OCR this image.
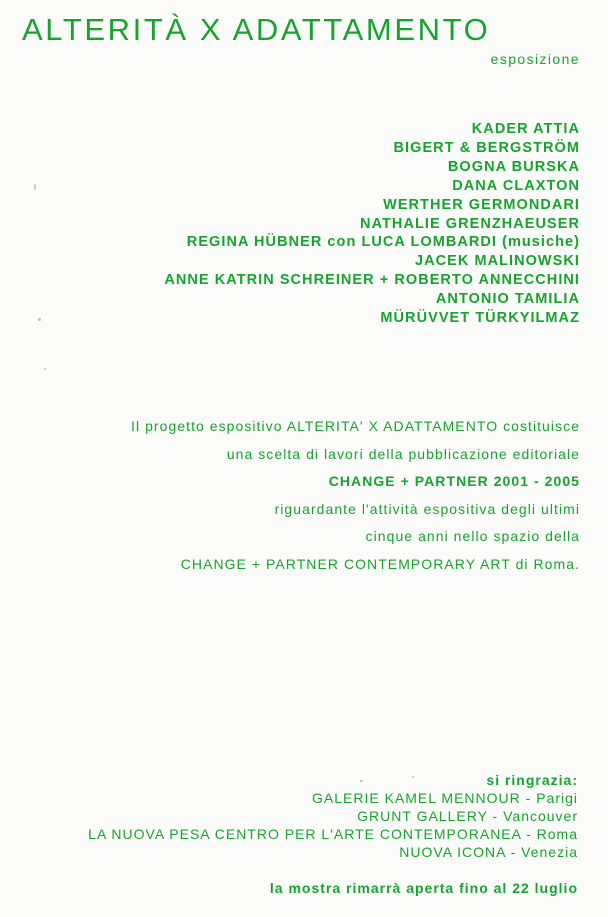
ALTERITÀ X ADATTAMENTO
esposizione
KADER ATTIA
BIGERT & BERGSTRÖM
BOGNA BURSKA
DANA CLAXTON
WERTHER GERMONDARI
NATHALIE GRENZHAEUSER
REGINA HÜBNER con LUCA LOMBARDI (musiche)
JACEK MALINOWSKI
ANNE KATRIN SCHREINER + ROBERTO ANNECCHINI
ANTONIO TAMILIA
MÜRÜVVET TÜRKYILMAZ
Il progetto espositivo ALTERITA' X ADATTAMENTO costituisce
una scelta di lavori della pubblicazione editoriale
CHANGE + PARTNER 2001 - 2005
riguardante l'attività espositiva degli ultimi
cinque anni nello spazio della
CHANGE + PARTNER CONTEMPORARY ART di Roma.
si ringrazia:
GALERIE KAMEL MENNOUR - Parigi
GRUNT GALLERY - Vancouver
LA NUOVA PESA CENTRO PER L'ARTE CONTEMPORANEA - Roma
NUOVA ICONA - Venezia
la mostra rimarrà aperta fino al 22 luglio
